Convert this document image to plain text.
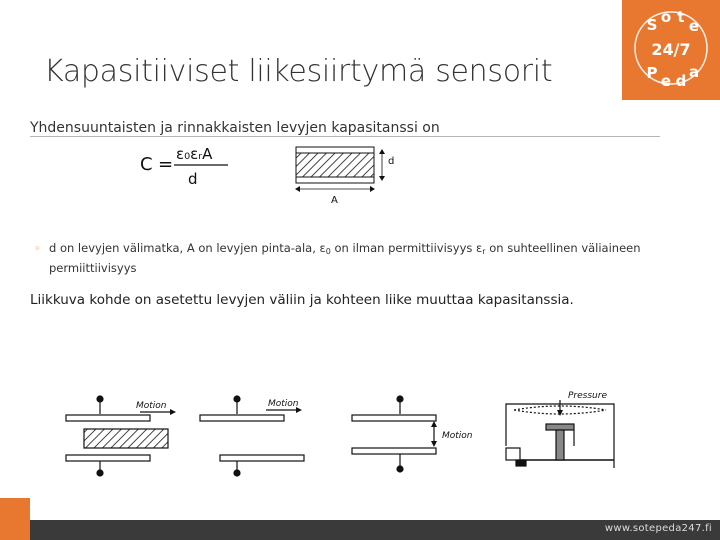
Kapasitiiviset liikesiirtymä sensorit
S o t e
P e d a
24/7
Yhdensuuntaisten ja rinnakkaisten levyjen kapasitanssi on
C = ε₀εᵣA
d
d
A
◦ d on levyjen välimatka, A on levyjen pinta-ala, $\varepsilon_0$ on ilman permittiivisyys $\varepsilon_r$ on suhteellinen väliaineen permiittiivisyys
Liikkuva kohde on asetettu levyjen väliin ja kohteen liike muuttaa kapasitanssia.
Motion	Motion
Motion
Pressure
www.sotepeda247.fi
